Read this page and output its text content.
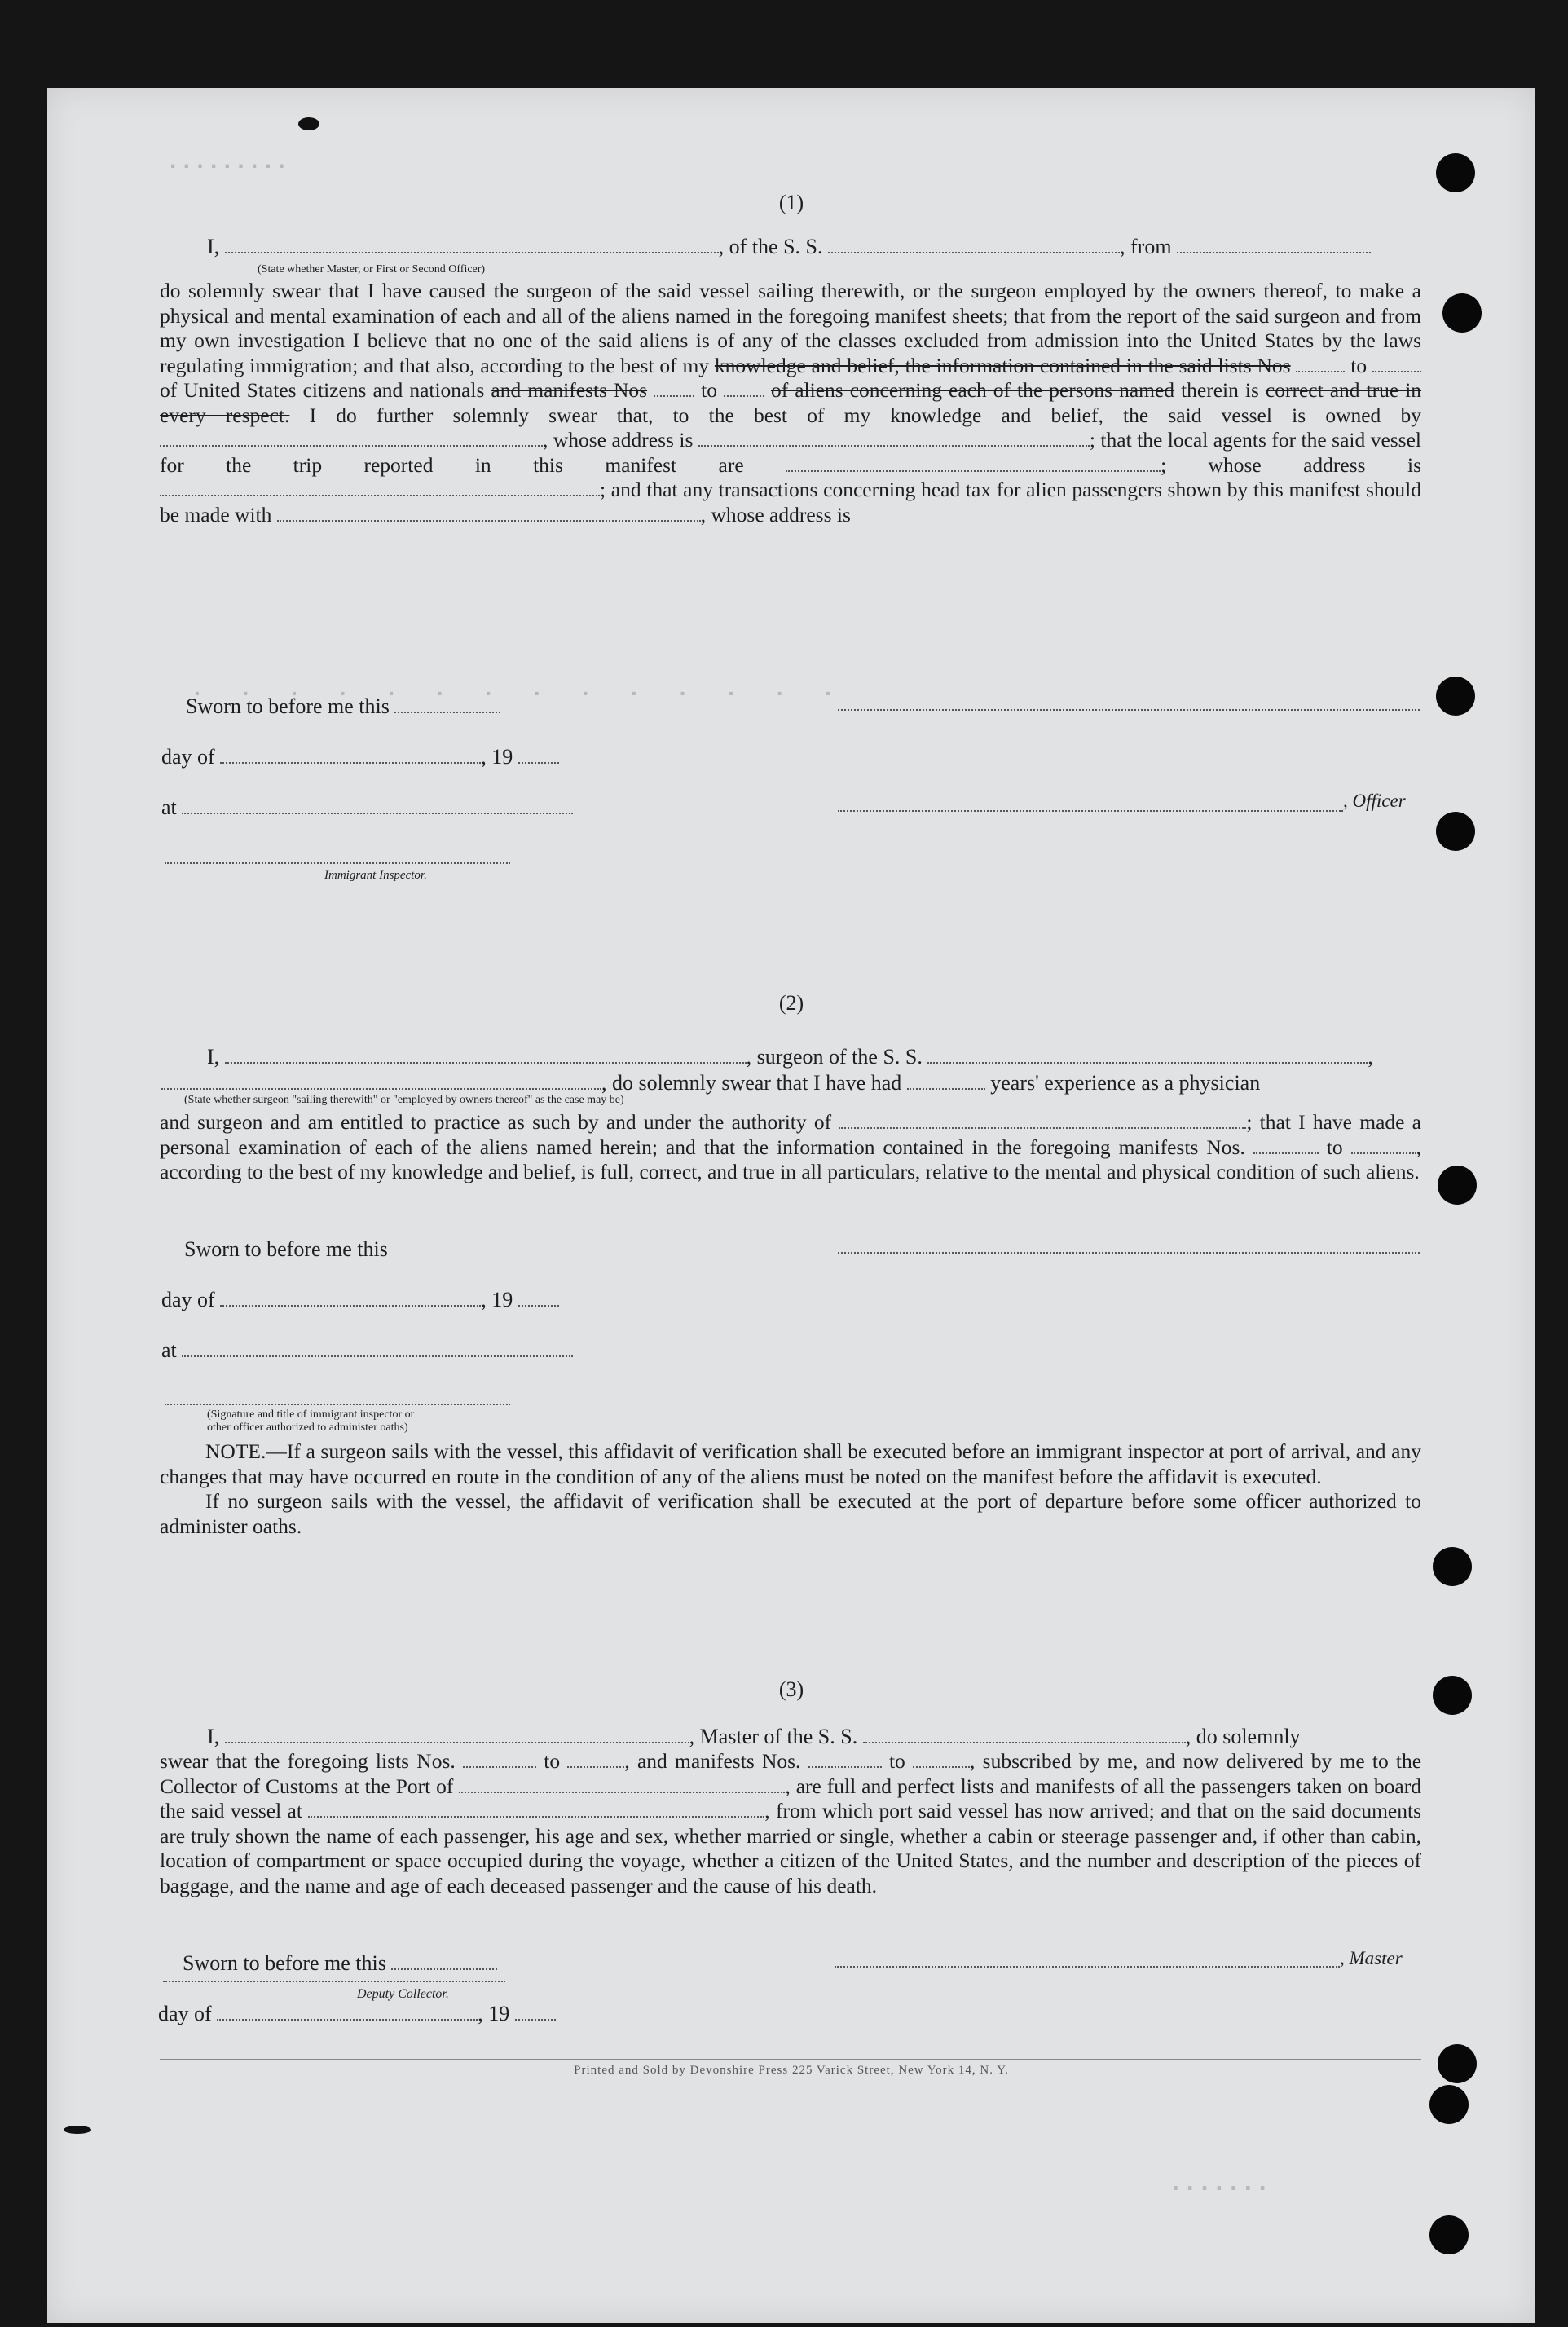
. . . . . . . . .
. . . . . . . . . . . . . .
. . . . . . .
(1)
I,	, of the S. S.	, from
(State whether Master, or First or Second Officer)
do solemnly swear that I have caused the surgeon of the said vessel sailing therewith, or the surgeon employed by the owners thereof, to make a physical and mental examination of each and all of the aliens named in the foregoing manifest sheets; that from the report of the said surgeon and from my own investigation I believe that no one of the said aliens is of any of the classes excluded from admission into the United States by the laws regulating immigration; and that also, according to the best of my knowledge and belief, the information contained in the said lists Nos	to  of United States citizens and nationals and manifests Nos	to	of aliens concerning each of the persons named therein is correct and true in every respect. I do further solemnly swear that, to the best of my knowledge and belief, the said vessel is owned by , whose address is	; that the local agents for the said vessel for the trip reported in this manifest are	; whose address is ; and that any transactions concerning head tax for alien passengers shown by this manifest should be made with	, whose address is
Sworn to before me this
day of	, 19
at	, Officer
Immigrant Inspector.
(2)
I,	, surgeon of the S. S.	,
, do solemnly swear that I have had	years' experience as a physician
(State whether surgeon "sailing therewith" or "employed by owners thereof" as the case may be)
and surgeon and am entitled to practice as such by and under the authority of	; that I have made a personal examination of each of the aliens named herein; and that the information contained in the foregoing manifests Nos.	to	, according to the best of my knowledge and belief, is full, correct, and true in all particulars, relative to the mental and physical condition of such aliens.
Sworn to before me this
day of	, 19
at
(Signature and title of immigrant inspector or
other officer authorized to administer oaths)

NOTE.—If a surgeon sails with the vessel, this affidavit of verification shall be executed before an immigrant inspector at port of arrival, and any changes that may have occurred en route in the condition of any of the aliens must be noted on the manifest before the affidavit is executed.

If no surgeon sails with the vessel, the affidavit of verification shall be executed at the port of departure before some officer authorized to administer oaths.

(3)
I,	, Master of the S. S.	, do solemnly
swear that the foregoing lists Nos.	to	, and manifests Nos.	to	, subscribed by me, and now delivered by me to the Collector of Customs at the Port of	, are full and perfect lists and manifests of all the passengers taken on board the said vessel at	, from which port said vessel has now arrived; and that on the said documents are truly shown the name of each passenger, his age and sex, whether married or single, whether a cabin or steerage passenger and, if other than cabin, location of compartment or space occupied during the voyage, whether a citizen of the United States, and the number and description of the pieces of baggage, and the name and age of each deceased passenger and the cause of his death.
Sworn to before me this	, Master
day of	, 19
Printed and Sold by Devonshire Press 225 Varick Street, New York 14, N. Y.
Deputy Collector.
